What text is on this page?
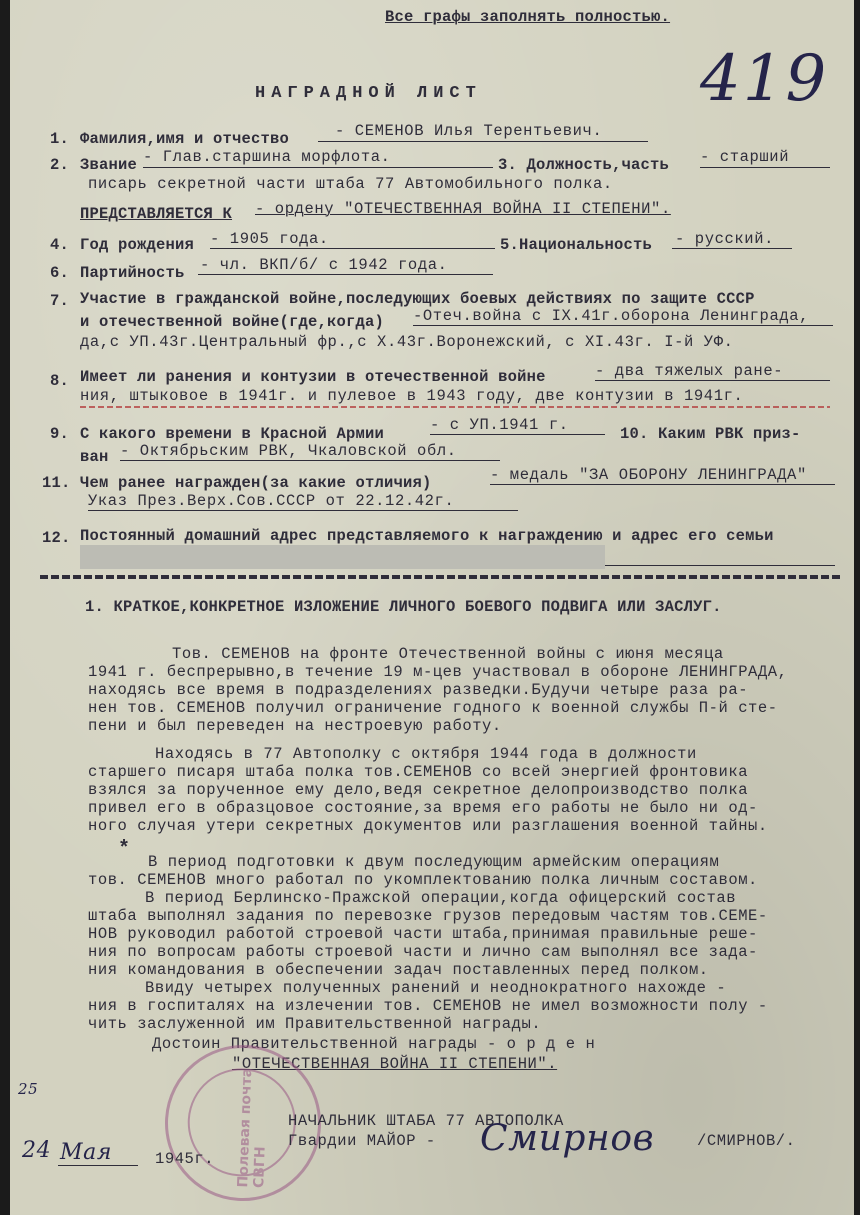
Все графы заполнять полностью.
419
НАГРАДНОЙ ЛИСТ
1. Фамилия,имя и отчество	- СЕМЕНОВ Илья Терентьевич.
2. Звание - Глав.старшина морфлота.	3. Должность,часть - старший
писарь секретной части штаба 77 Автомобильного полка.
ПРЕДСТАВЛЯЕТСЯ К - ордену "ОТЕЧЕСТВЕННАЯ ВОЙНА II СТЕПЕНИ".
4. Год рождения - 1905 года.	5.Национальность - русский.
6. Партийность - чл. ВКП/б/ с 1942 года.
7. Участие в гражданской войне,последующих боевых действиях по защите СССР
и отечественной войне(где,когда) -Отеч.война с IX.41г.оборона Ленинграда,
да,с УП.43г.Центральный фр.,с X.43г.Воронежский, с XI.43г. I-й УФ.
8. Имеет ли ранения и контузии в отечественной войне	- два тяжелых ране-
ния, штыковое в 1941г. и пулевое в 1943 году, две контузии в 1941г.
9. С какого времени в Красной Армии	- с УП.1941 г.	10. Каким РВК приз-
ван - Октябрьским РВК, Чкаловской обл.
11. Чем ранее награжден(за какие отличия)	- медаль "ЗА ОБОРОНУ ЛЕНИНГРАДА"
Указ През.Верх.Сов.СССР от 22.12.42г.
12. Постоянный домашний адрес представляемого к награждению и адрес его семьи
1. КРАТКОЕ,КОНКРЕТНОЕ ИЗЛОЖЕНИЕ ЛИЧНОГО БОЕВОГО ПОДВИГА ИЛИ ЗАСЛУГ.
Тов. СЕМЕНОВ на фронте Отечественной войны с июня месяца
1941 г. беспрерывно,в течение 19 м-цев участвовал в обороне ЛЕНИНГРАДА,
находясь все время в подразделениях разведки.Будучи четыре раза ра-
нен тов. СЕМЕНОВ получил ограничение годного к военной службы П-й сте-
пени и был переведен на нестроевую работу.
Находясь в 77 Автополку с октября 1944 года в должности
старшего писаря штаба полка тов.СЕМЕНОВ со всей энергией фронтовика
взялся за порученное ему дело,ведя секретное делопроизводство полка
привел его в образцовое состояние,за время его работы не было ни од-
ного случая утери секретных документов или разглашения военной тайны.
*
В период подготовки к двум последующим армейским операциям
тов. СЕМЕНОВ много работал по укомплектованию полка личным составом.
В период Берлинско-Пражской операции,когда офицерский состав
штаба выполнял задания по перевозке грузов передовым частям тов.СЕМЕ-
НОВ руководил работой строевой части штаба,принимая правильные реше-
ния по вопросам работы строевой части и лично сам выполнял все зада-
ния командования в обеспечении задач поставленных перед полком.
Ввиду четырех полученных ранений и неоднократного нахожде -
ния в госпиталях на излечении тов. СЕМЕНОВ не имел возможности полу -
чить заслуженной им Правительственной награды.
Достоин Правительственной награды - о р д е н
"ОТЕЧЕСТВЕННАЯ ВОЙНА II СТЕПЕНИ".
Полевая почта СВГН
НАЧАЛЬНИК ШТАБА 77 АВТОПОЛКА
Гвардии МАЙОР - Смирнов	/СМИРНОВ/.
25
24 Мая	1945г.
